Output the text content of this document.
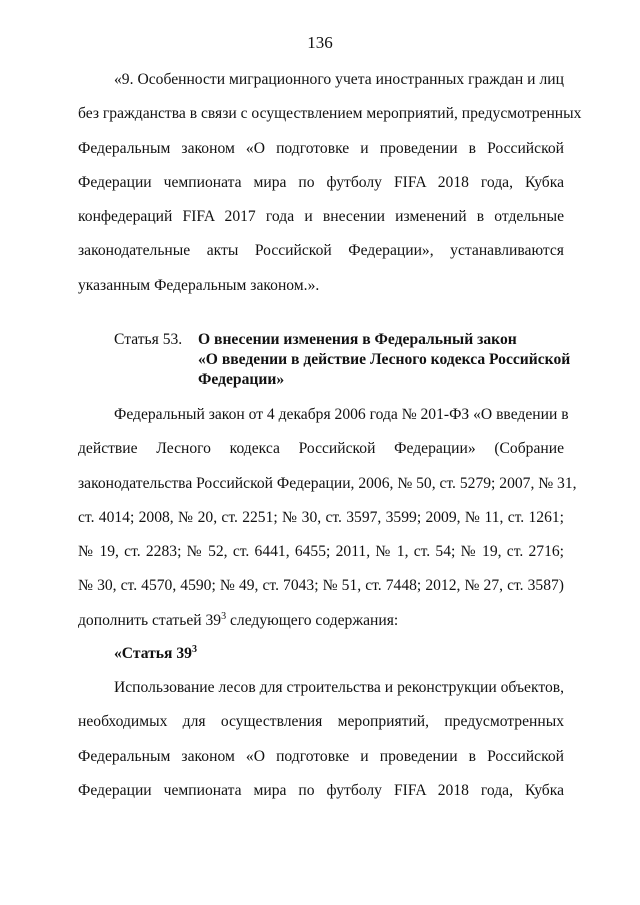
136
«9. Особенности миграционного учета иностранных граждан и лиц
без гражданства в связи с осуществлением мероприятий, предусмотренных
Федеральным законом «О подготовке и проведении в Российской
Федерации чемпионата мира по футболу FIFA 2018 года, Кубка
конфедераций FIFA 2017 года и внесении изменений в отдельные
законодательные акты Российской Федерации», устанавливаются
указанным Федеральным законом.».
Статья 53.	О внесении изменения в Федеральный закон
«О введении в действие Лесного кодекса Российской
Федерации»
Федеральный закон от 4 декабря 2006 года № 201-ФЗ «О введении в
действие Лесного кодекса Российской Федерации» (Собрание
законодательства Российской Федерации, 2006, № 50, ст. 5279; 2007, № 31,
ст. 4014; 2008, № 20, ст. 2251; № 30, ст. 3597, 3599; 2009, № 11, ст. 1261;
№ 19, ст. 2283; № 52, ст. 6441, 6455; 2011, № 1, ст. 54; № 19, ст. 2716;
№ 30, ст. 4570, 4590; № 49, ст. 7043; № 51, ст. 7448; 2012, № 27, ст. 3587)
дополнить статьей $39^3$ следующего содержания:
«Статья $39^3$
Использование лесов для строительства и реконструкции объектов,
необходимых для осуществления мероприятий, предусмотренных
Федеральным законом «О подготовке и проведении в Российской
Федерации чемпионата мира по футболу FIFA 2018 года, Кубка
